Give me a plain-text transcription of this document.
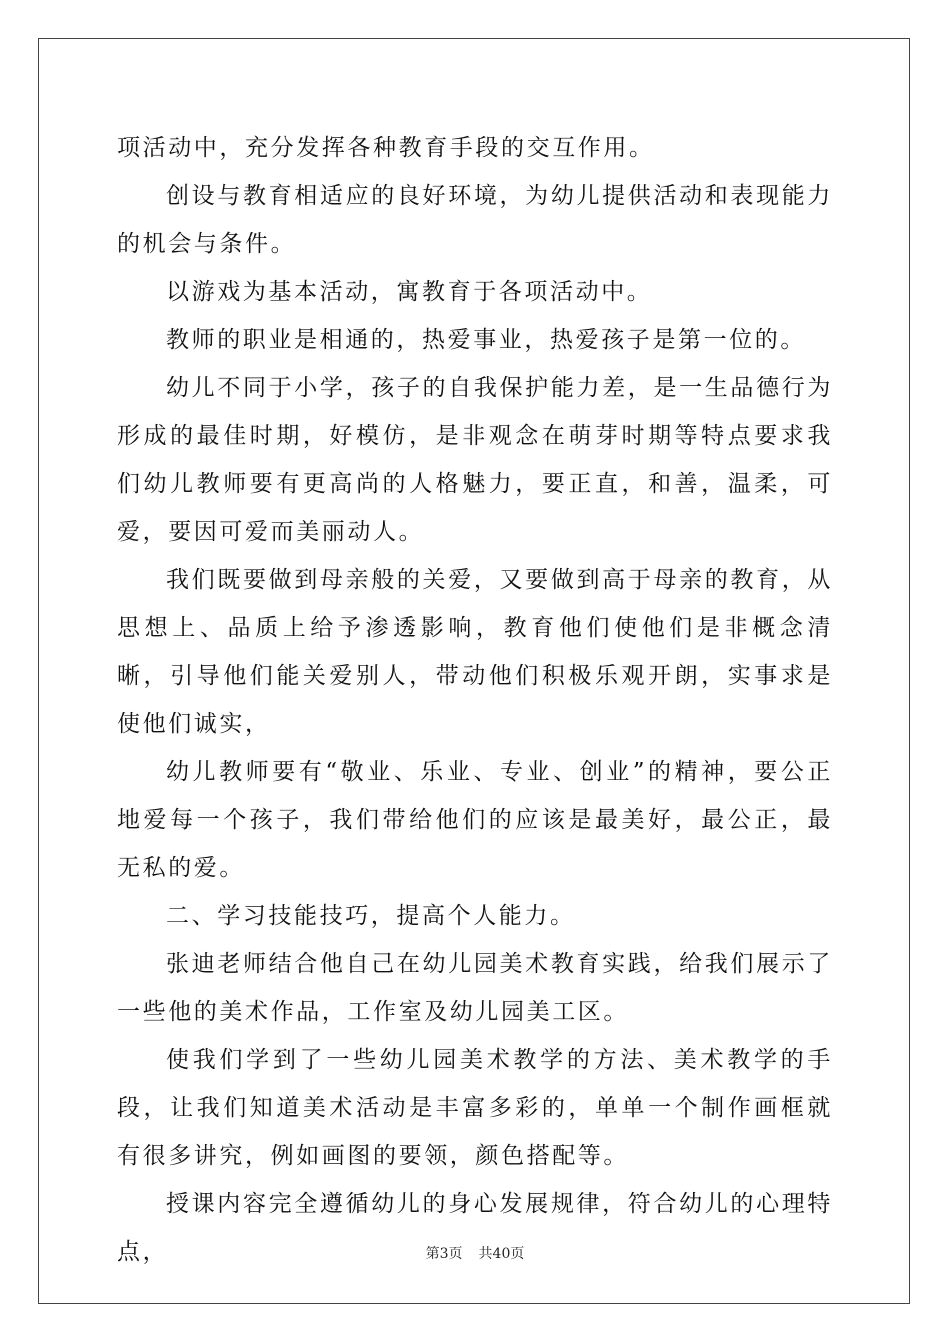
项活动中，充分发挥各种教育手段的交互作用。

创设与教育相适应的良好环境，为幼儿提供活动和表现能力的机会与条件。

以游戏为基本活动，寓教育于各项活动中。

教师的职业是相通的，热爱事业，热爱孩子是第一位的。

幼儿不同于小学，孩子的自我保护能力差，是一生品德行为形成的最佳时期，好模仿，是非观念在萌芽时期等特点要求我们幼儿教师要有更高尚的人格魅力，要正直，和善，温柔，可爱，要因可爱而美丽动人。

我们既要做到母亲般的关爱，又要做到高于母亲的教育，从思想上、品质上给予渗透影响，教育他们使他们是非概念清晰，引导他们能关爱别人，带动他们积极乐观开朗，实事求是使他们诚实，

幼儿教师要有“敬业、乐业、专业、创业”的精神，要公正地爱每一个孩子，我们带给他们的应该是最美好，最公正，最无私的爱。

二、学习技能技巧，提高个人能力。

张迪老师结合他自己在幼儿园美术教育实践，给我们展示了一些他的美术作品，工作室及幼儿园美工区。

使我们学到了一些幼儿园美术教学的方法、美术教学的手段，让我们知道美术活动是丰富多彩的，单单一个制作画框就有很多讲究，例如画图的要领，颜色搭配等。

授课内容完全遵循幼儿的身心发展规律，符合幼儿的心理特点，	第3页 共40页
